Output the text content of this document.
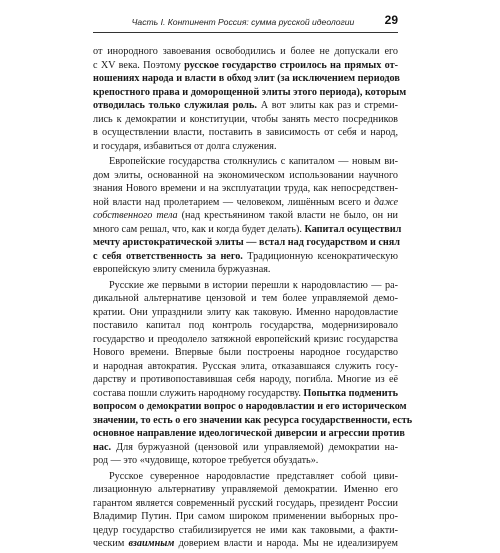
Часть I. Континент Россия: сумма русской идеологии	29
от инородного завоевания освободились и более не допускали его
с XV века. Поэтому русское государство строилось на прямых от-
ношениях народа и власти в обход элит (за исключением периодов
крепостного права и доморощенной элиты этого периода), которым
отводилась только служилая роль. А вот элиты как раз и стреми-
лись к демократии и конституции, чтобы занять место посредников
в осуществлении власти, поставить в зависимость от себя и народ,
и государя, избавиться от долга служения.
Европейские государства столкнулись с капиталом — новым ви-
дом элиты, основанной на экономическом использовании научного
знания Нового времени и на эксплуатации труда, как непосредствен-
ной власти над пролетарием — человеком, лишённым всего и даже
собственного тела (над крестьянином такой власти не было, он ни
много сам решал, что, как и когда будет делать). Капитал осуществил
мечту аристократической элиты — встал над государством и снял
с себя ответственность за него. Традиционную ксенократическую
европейскую элиту сменила буржуазная.
Русские же первыми в истории перешли к народовластию — ра-
дикальной альтернативе цензовой и тем более управляемой демо-
кратии. Они упразднили элиту как таковую. Именно народовластие
поставило капитал под контроль государства, модернизировало
государство и преодолело затяжной европейский кризис государства
Нового времени. Впервые были построены народное государство
и народная автократия. Русская элита, отказавшаяся служить госу-
дарству и противопоставившая себя народу, погибла. Многие из её
состава пошли служить народному государству. Попытка подменить
вопросом о демократии вопрос о народовластии и его историческом
значении, то есть о его значении как ресурса государственности, есть
основное направление идеологической диверсии и агрессии против
нас. Для буржуазной (цензовой или управляемой) демократии на-
род — это «чудовище, которое требуется обуздать».
Русское суверенное народовластие представляет собой циви-
лизационную альтернативу управляемой демократии. Именно его
гарантом является современный русский государь, президент России
Владимир Путин. При самом широком применении выборных про-
цедур государство стабилизируется не ими как таковыми, а факти-
ческим взаимным доверием власти и народа. Мы не идеализируем
